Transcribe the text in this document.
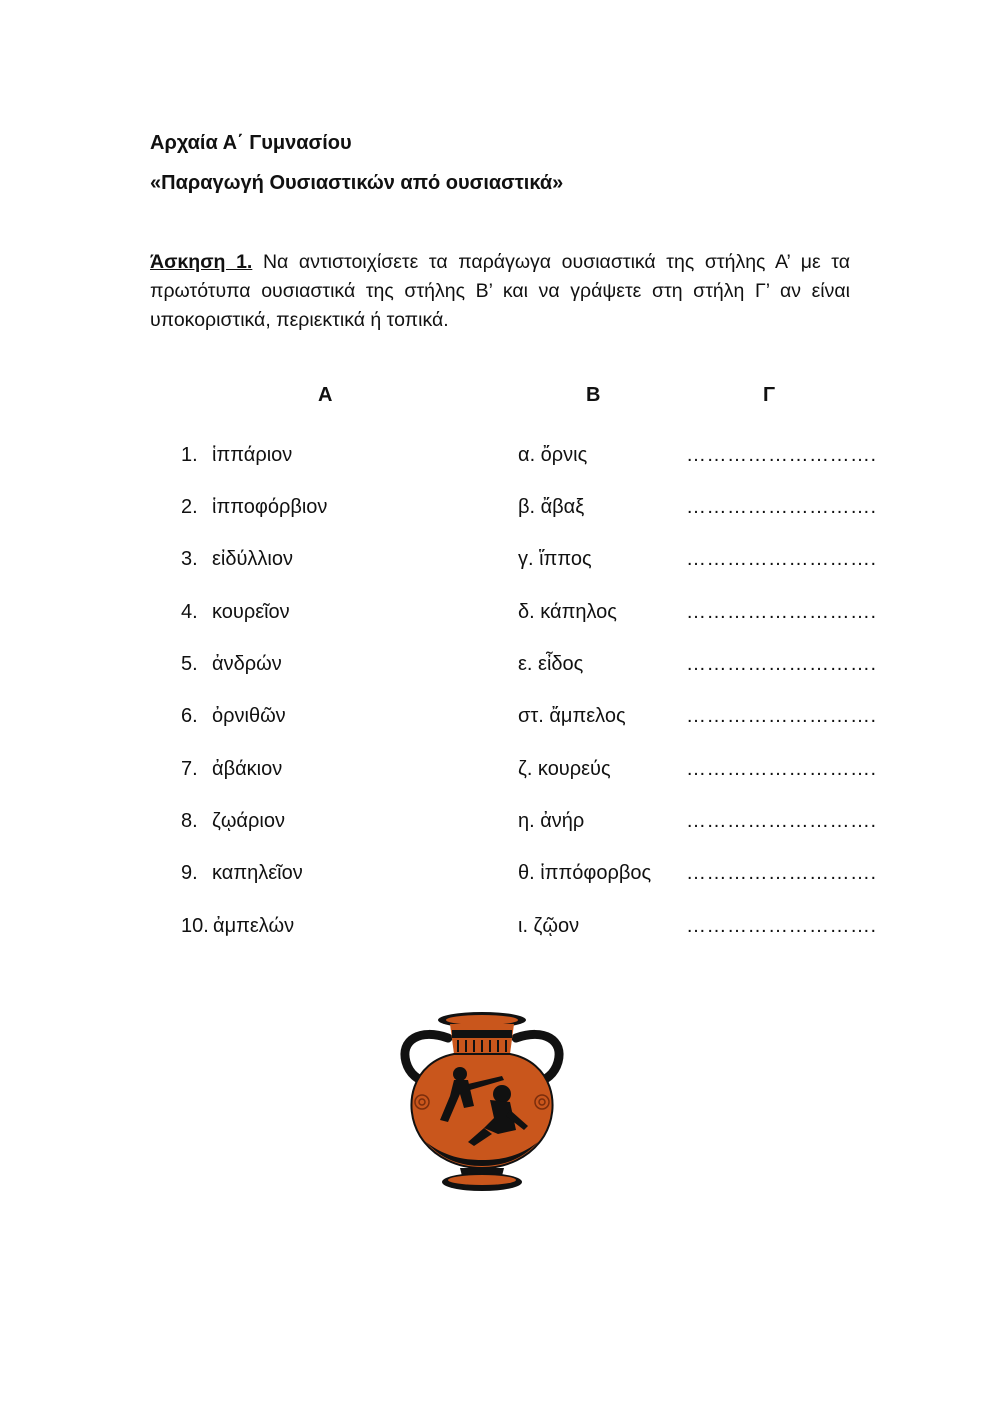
Αρχαία Α΄ Γυμνασίου
«Παραγωγή Ουσιαστικών από ουσιαστικά»
Άσκηση 1. Να αντιστοιχίσετε τα παράγωγα ουσιαστικά της στήλης Α’ με τα πρωτότυπα ουσιαστικά της στήλης Β’ και να γράψετε στη στήλη Γ’ αν είναι υποκοριστικά, περιεκτικά ή τοπικά.
Α	Β	Γ
1. ἱππάριον	α. ὄρνις	……………………….
2. ἱπποφόρβιον	β. ἄβαξ	……………………….
3. εἰδύλλιον	γ. ἵππος	……………………….
4. κουρεῖον	δ. κάπηλος	……………………….
5. ἀνδρών	ε. εἶδος	……………………….
6. ὀρνιθῶν	στ. ἄμπελος	……………………….
7. ἀβάκιον	ζ. κουρεύς	……………………….
8. ζῳάριον	η. ἀνήρ	……………………….
9. καπηλεῖον	θ. ἱππόφορβος ……………………….
10. ἀμπελών	ι. ζῷον	……………………….
